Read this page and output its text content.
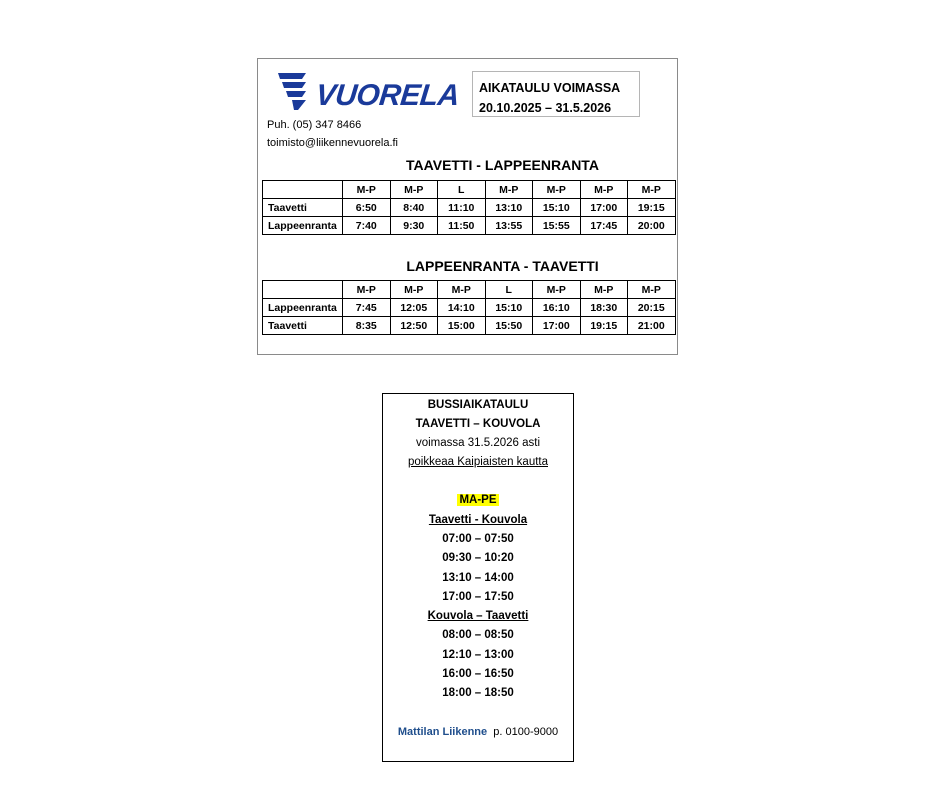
VUORELA AIKATAULU VOIMASSA
20.10.2025 – 31.5.2026
Puh. (05) 347 8466
toimisto@liikennevuorela.fi
TAAVETTI - LAPPEENRANTA
	M-P	M-P	L	M-P	M-P	M-P	M-P
Taavetti	6:50	8:40	11:10	13:10	15:10	17:00	19:15
Lappeenranta	7:40	9:30	11:50	13:55	15:55	17:45	20:00
LAPPEENRANTA - TAAVETTI
	M-P	M-P	M-P	L	M-P	M-P	M-P
Lappeenranta	7:45	12:05	14:10	15:10	16:10	18:30	20:15
Taavetti	8:35	12:50	15:00	15:50	17:00	19:15	21:00
BUSSIAIKATAULU
TAAVETTI – KOUVOLA
voimassa 31.5.2026 asti
poikkeaa Kaipiaisten kautta
MA-PE
Taavetti - Kouvola
07:00 – 07:50
09:30 – 10:20
13:10 – 14:00
17:00 – 17:50
Kouvola – Taavetti
08:00 – 08:50
12:10 – 13:00
16:00 – 16:50
18:00 – 18:50
Mattilan Liikenne p. 0100-9000
